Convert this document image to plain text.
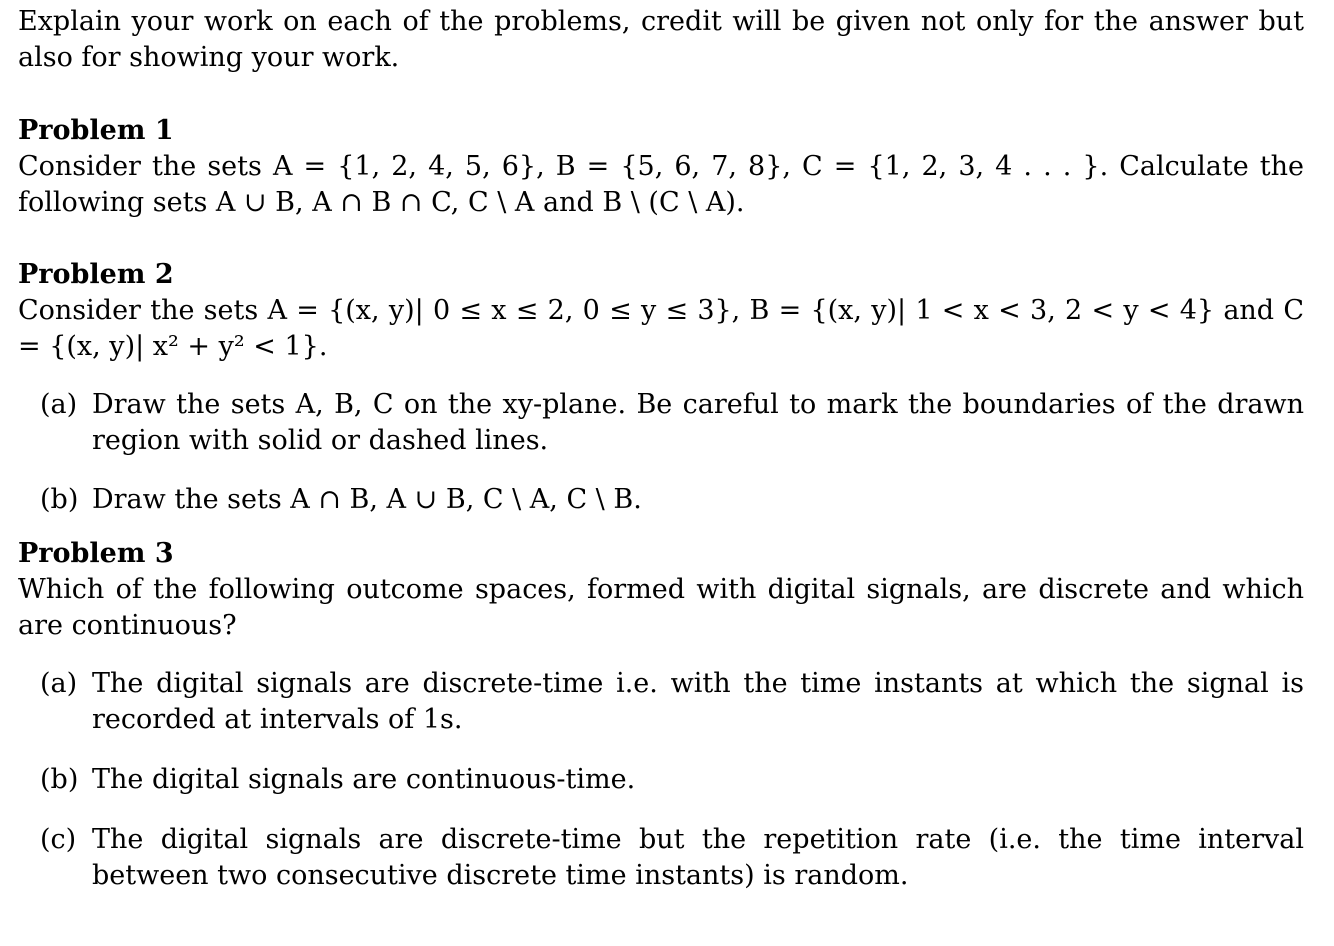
Explain your work on each of the problems, credit will be given not only for the answer but also for showing your work.

Problem 1

Consider the sets A = {1, 2, 4, 5, 6}, B = {5, 6, 7, 8}, C = {1, 2, 3, 4 . . . }. Calculate the following sets A ∪ B, A ∩ B ∩ C, C \ A and B \ (C \ A).

Problem 2

Consider the sets A = {(x, y)| 0 ≤ x ≤ 2, 0 ≤ y ≤ 3}, B = {(x, y)| 1 < x < 3, 2 < y < 4} and C = {(x, y)| x² + y² < 1}.

(a) Draw the sets A, B, C on the xy-plane. Be careful to mark the boundaries of the drawn region with solid or dashed lines.
(b) Draw the sets A ∩ B, A ∪ B, C \ A, C \ B.

Problem 3

Which of the following outcome spaces, formed with digital signals, are discrete and which are continuous?

(a) The digital signals are discrete-time i.e. with the time instants at which the signal is recorded at intervals of 1s.
(b) The digital signals are continuous-time.
(c) The digital signals are discrete-time but the repetition rate (i.e. the time interval between two consecutive discrete time instants) is random.
